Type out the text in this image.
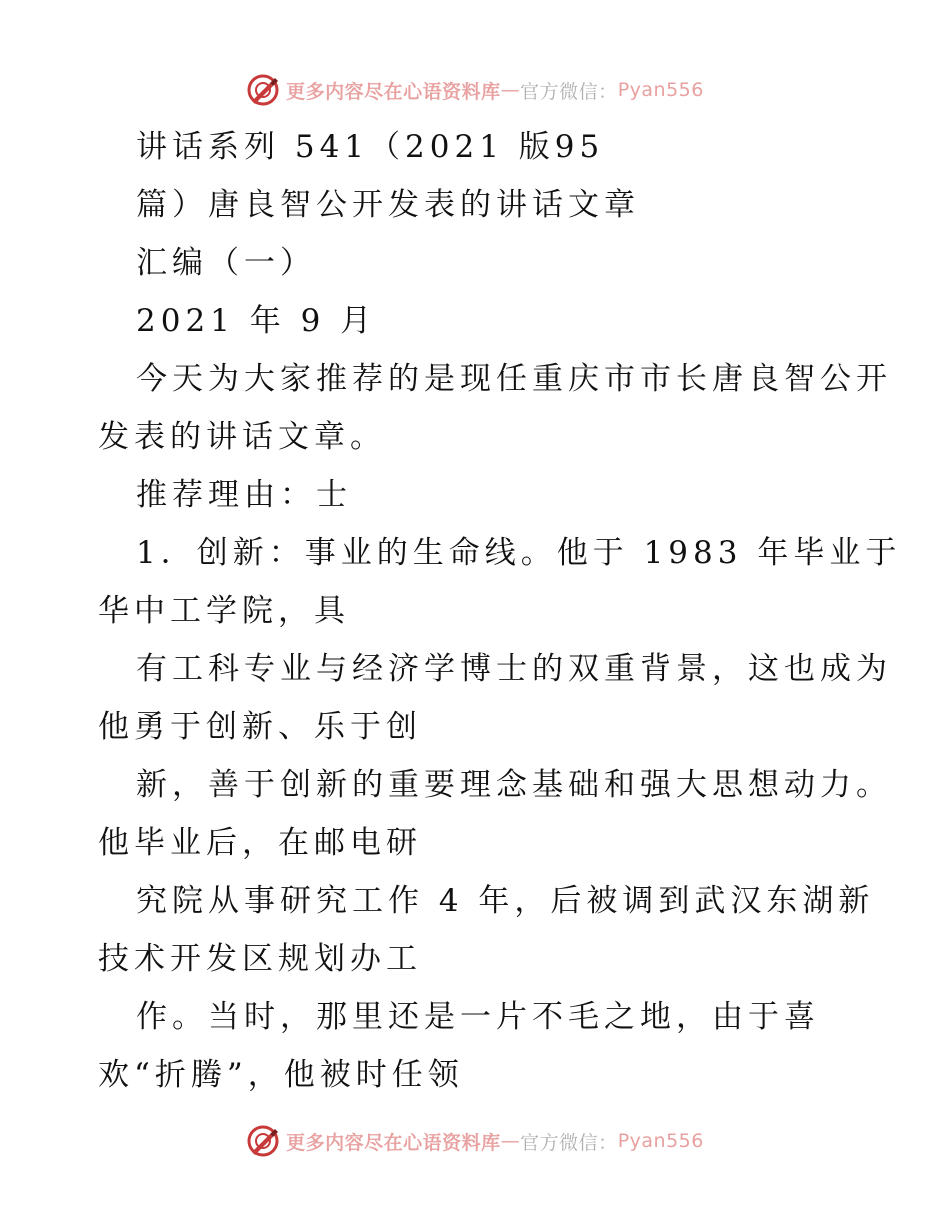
更多内容尽在心语资料库 — 官方微信： Pyan556
讲话系列 541（2021 版95
篇）唐良智公开发表的讲话文章
汇编（一）
2021 年 9 月
今天为大家推荐的是现任重庆市市长唐良智公开
发表的讲话文章。
推荐理由：士
1．创新：事业的生命线。他于 1983 年毕业于
华中工学院，具
有工科专业与经济学博士的双重背景，这也成为
他勇于创新、乐于创
新，善于创新的重要理念基础和强大思想动力。
他毕业后，在邮电研
究院从事研究工作 4 年，后被调到武汉东湖新
技术开发区规划办工
作。当时，那里还是一片不毛之地，由于喜
欢“折腾”，他被时任领
更多内容尽在心语资料库 — 官方微信： Pyan556
